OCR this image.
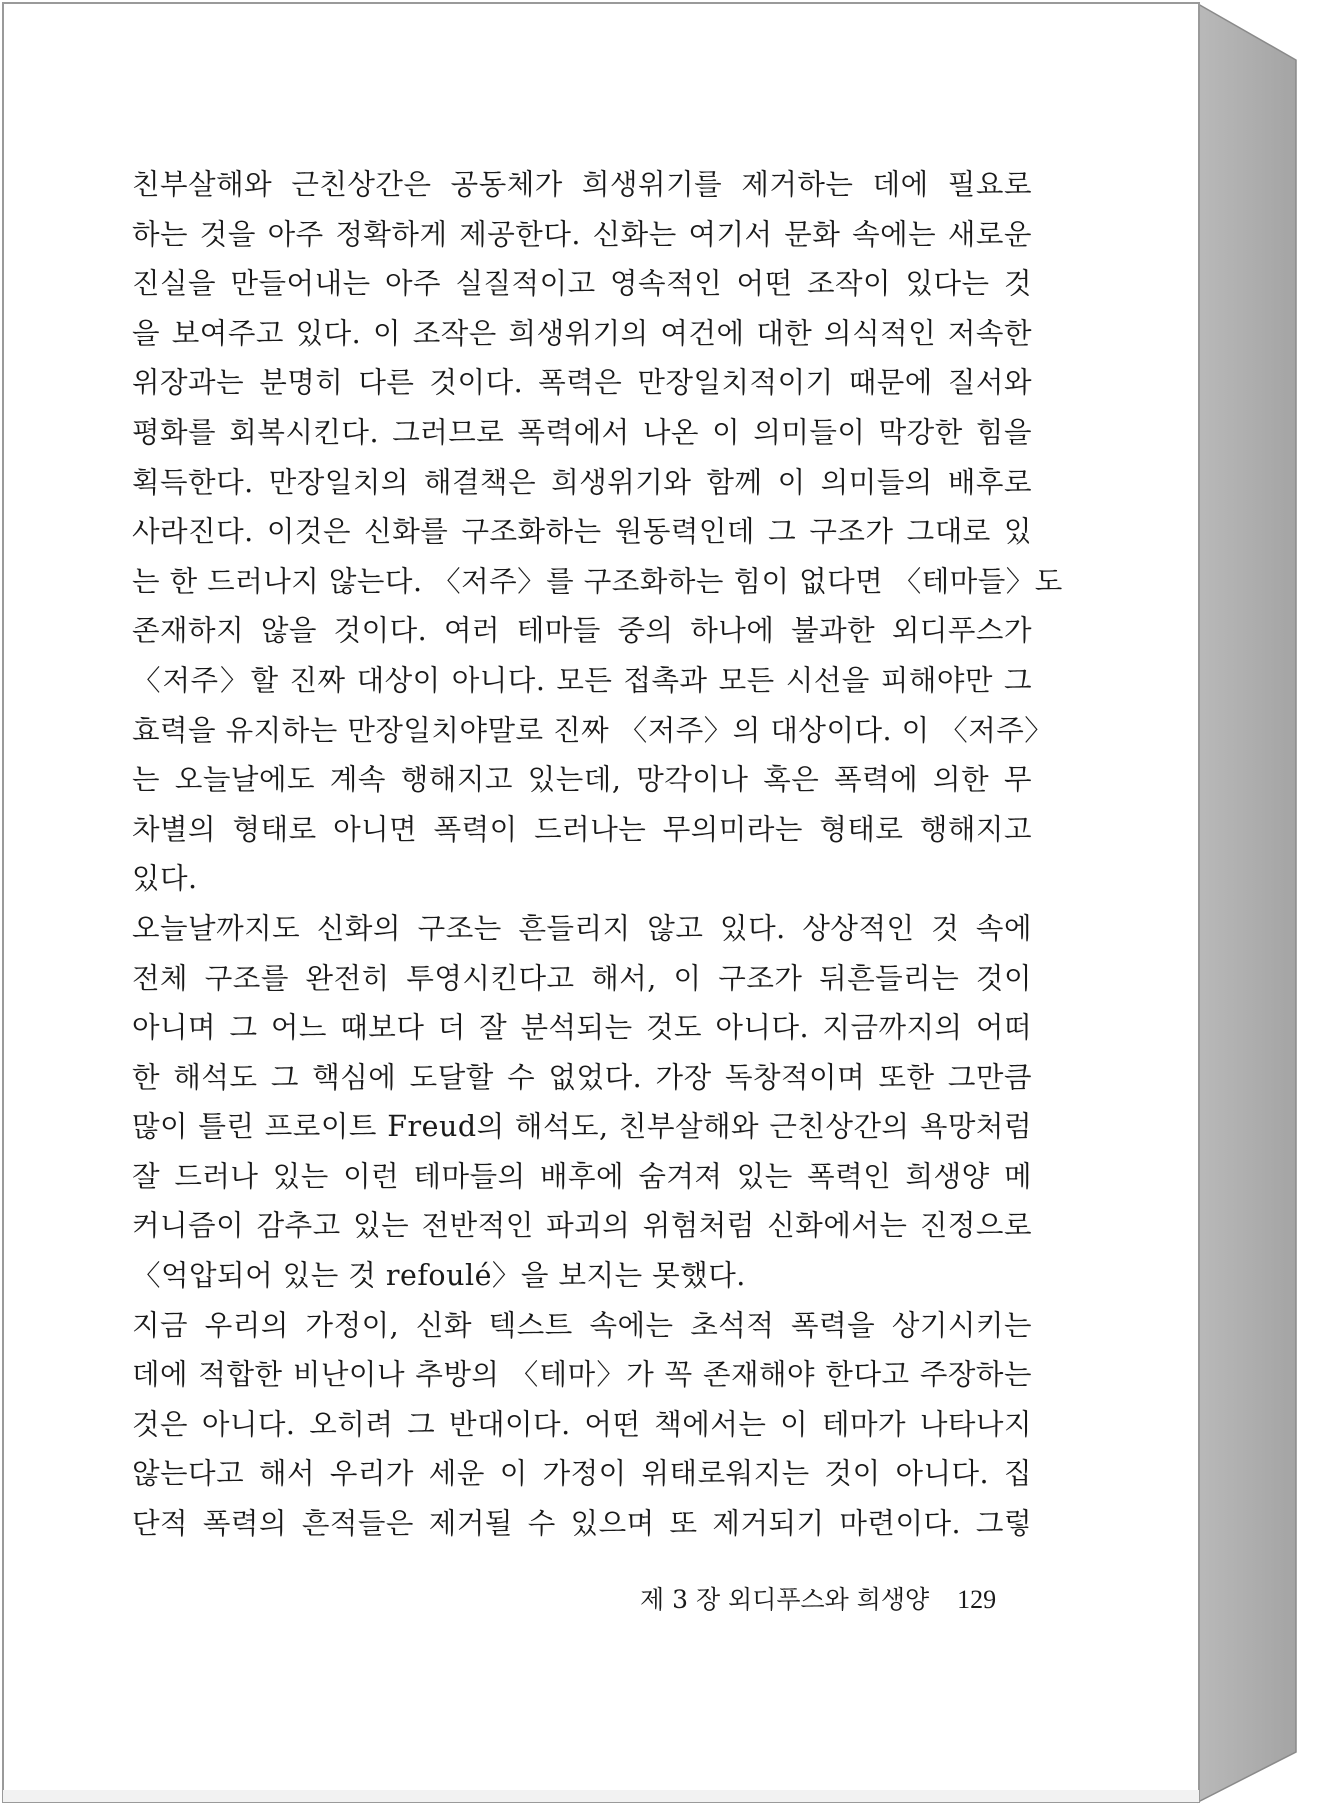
친부살해와 근친상간은 공동체가 희생위기를 제거하는 데에 필요로
하는 것을 아주 정확하게 제공한다. 신화는 여기서 문화 속에는 새로운
진실을 만들어내는 아주 실질적이고 영속적인 어떤 조작이 있다는 것
을 보여주고 있다. 이 조작은 희생위기의 여건에 대한 의식적인 저속한
위장과는 분명히 다른 것이다. 폭력은 만장일치적이기 때문에 질서와
평화를 회복시킨다. 그러므로 폭력에서 나온 이 의미들이 막강한 힘을
획득한다. 만장일치의 해결책은 희생위기와 함께 이 의미들의 배후로
사라진다. 이것은 신화를 구조화하는 원동력인데 그 구조가 그대로 있
는 한 드러나지 않는다. 〈저주〉를 구조화하는 힘이 없다면 〈테마들〉도
존재하지 않을 것이다. 여러 테마들 중의 하나에 불과한 외디푸스가
〈저주〉할 진짜 대상이 아니다. 모든 접촉과 모든 시선을 피해야만 그
효력을 유지하는 만장일치야말로 진짜 〈저주〉의 대상이다. 이 〈저주〉
는 오늘날에도 계속 행해지고 있는데, 망각이나 혹은 폭력에 의한 무
차별의 형태로 아니면 폭력이 드러나는 무의미라는 형태로 행해지고
있다.
오늘날까지도 신화의 구조는 흔들리지 않고 있다. 상상적인 것 속에
전체 구조를 완전히 투영시킨다고 해서, 이 구조가 뒤흔들리는 것이
아니며 그 어느 때보다 더 잘 분석되는 것도 아니다. 지금까지의 어떠
한 해석도 그 핵심에 도달할 수 없었다. 가장 독창적이며 또한 그만큼
많이 틀린 프로이트 Freud의 해석도, 친부살해와 근친상간의 욕망처럼
잘 드러나 있는 이런 테마들의 배후에 숨겨져 있는 폭력인 희생양 메
커니즘이 감추고 있는 전반적인 파괴의 위험처럼 신화에서는 진정으로
〈억압되어 있는 것 refoulé〉을 보지는 못했다.
지금 우리의 가정이, 신화 텍스트 속에는 초석적 폭력을 상기시키는
데에 적합한 비난이나 추방의 〈테마〉가 꼭 존재해야 한다고 주장하는
것은 아니다. 오히려 그 반대이다. 어떤 책에서는 이 테마가 나타나지
않는다고 해서 우리가 세운 이 가정이 위태로워지는 것이 아니다. 집
단적 폭력의 흔적들은 제거될 수 있으며 또 제거되기 마련이다. 그렇
제 3 장 외디푸스와 희생양 129
